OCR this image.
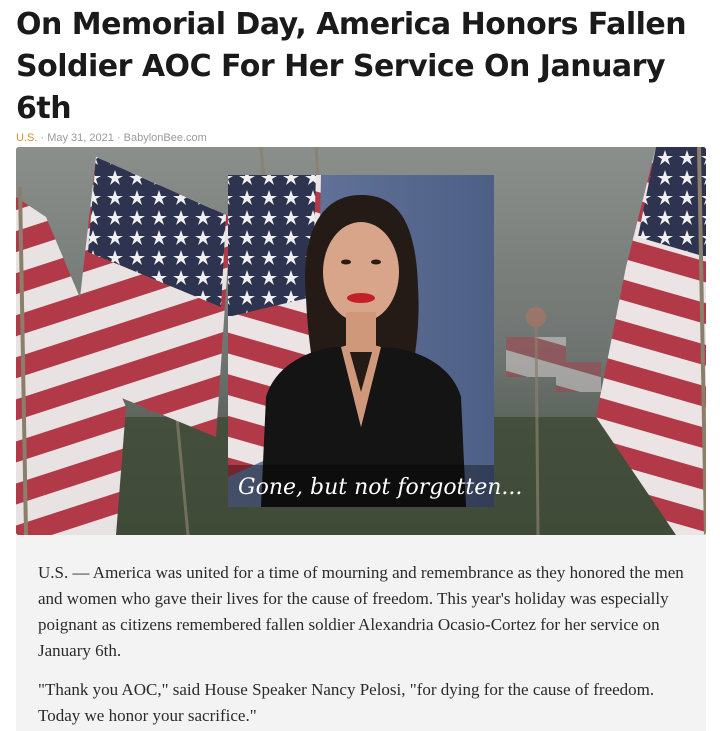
On Memorial Day, America Honors Fallen Soldier AOC For Her Service On January 6th
U.S. · May 31, 2021 · BabylonBee.com
Gone, but not forgotten...

U.S. — America was united for a time of mourning and remembrance as they honored the men and women who gave their lives for the cause of freedom. This year's holiday was especially poignant as citizens remembered fallen soldier Alexandria Ocasio-Cortez for her service on January 6th.

"Thank you AOC," said House Speaker Nancy Pelosi, "for dying for the cause of freedom. Today we honor your sacrifice."
